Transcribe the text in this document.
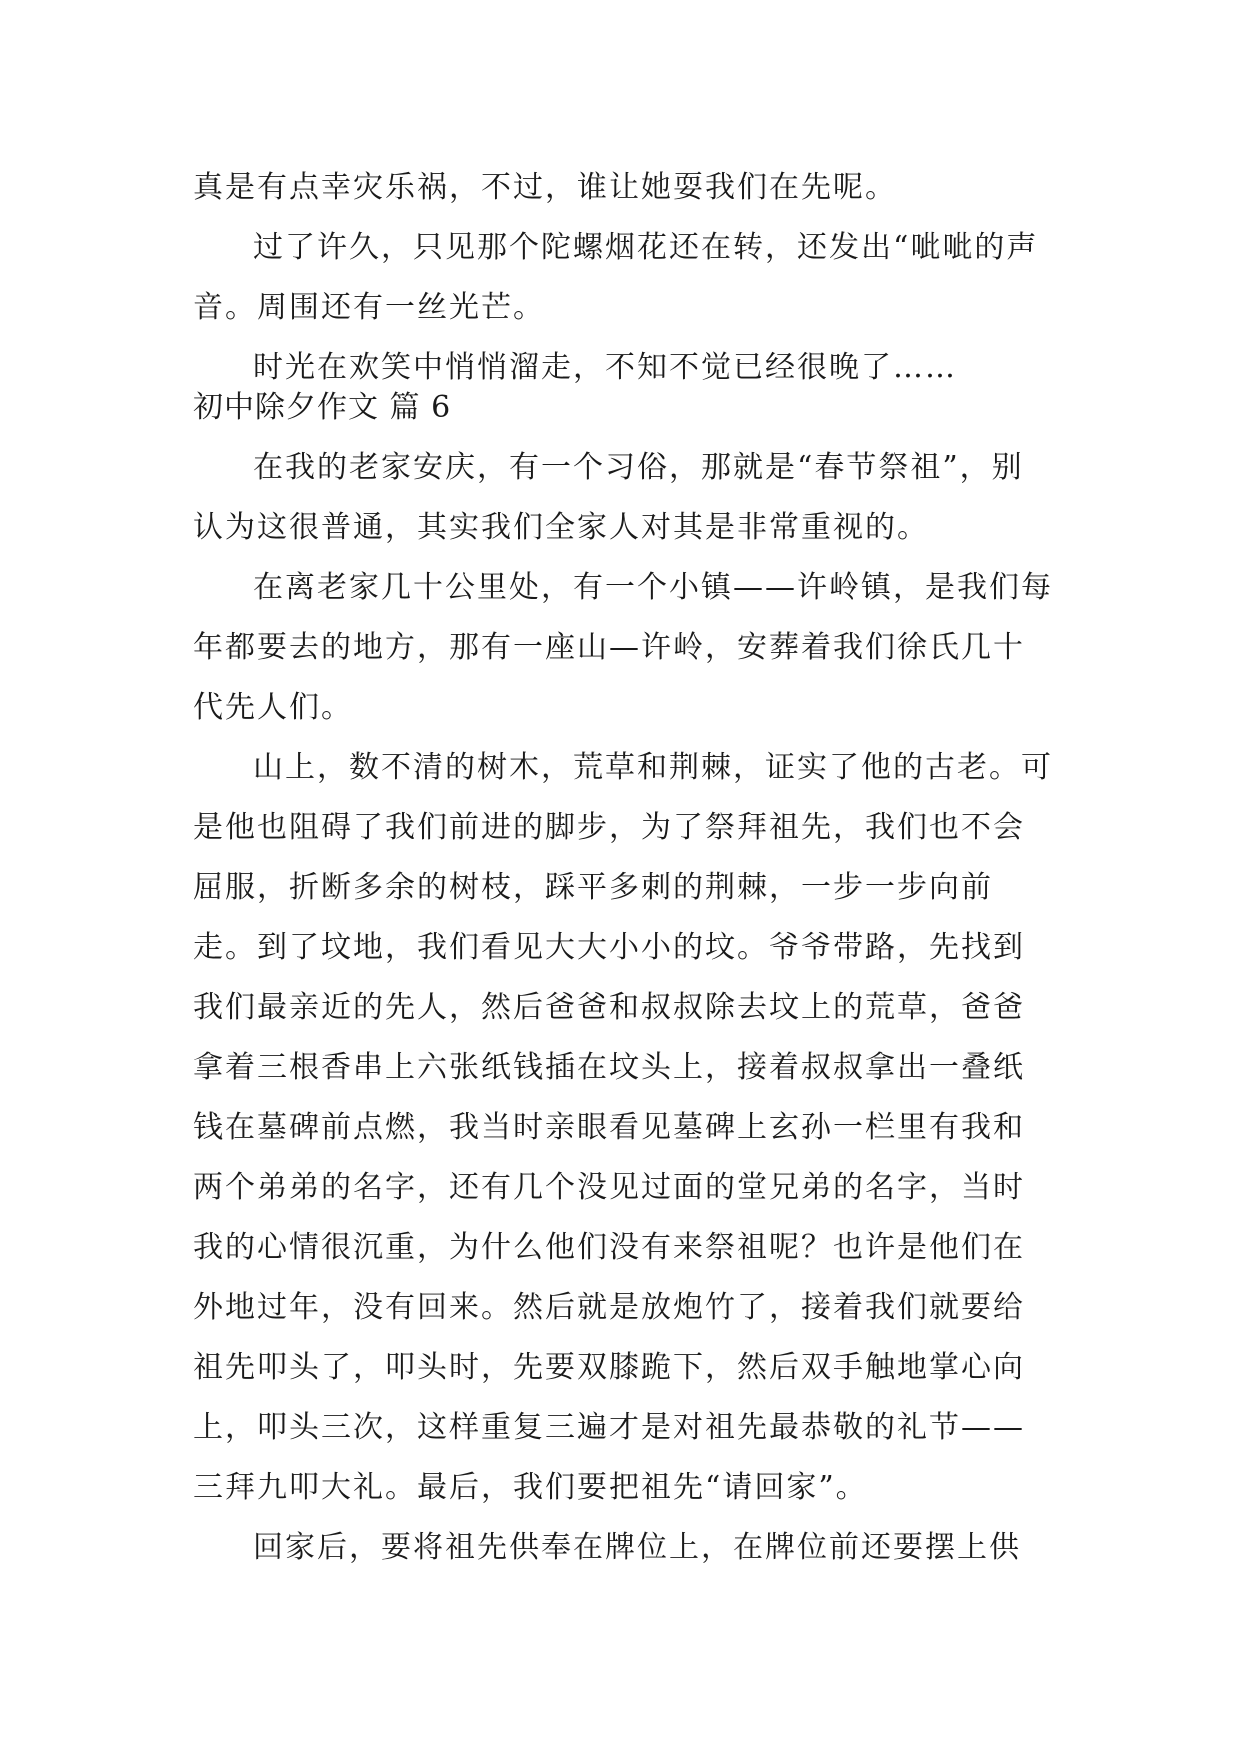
真是有点幸灾乐祸，不过，谁让她耍我们在先呢。

过了许久，只见那个陀螺烟花还在转，还发出“呲呲的声音。周围还有一丝光芒。

时光在欢笑中悄悄溜走，不知不觉已经很晚了……

初中除夕作文 篇 6

在我的老家安庆，有一个习俗，那就是“春节祭祖”，别认为这很普通，其实我们全家人对其是非常重视的。

在离老家几十公里处，有一个小镇——许岭镇，是我们每年都要去的地方，那有一座山—许岭，安葬着我们徐氏几十代先人们。

山上，数不清的树木，荒草和荆棘，证实了他的古老。可是他也阻碍了我们前进的脚步，为了祭拜祖先，我们也不会屈服，折断多余的树枝，踩平多刺的荆棘，一步一步向前走。到了坟地，我们看见大大小小的坟。爷爷带路，先找到我们最亲近的先人，然后爸爸和叔叔除去坟上的荒草，爸爸拿着三根香串上六张纸钱插在坟头上，接着叔叔拿出一叠纸钱在墓碑前点燃，我当时亲眼看见墓碑上玄孙一栏里有我和两个弟弟的名字，还有几个没见过面的堂兄弟的名字，当时我的心情很沉重，为什么他们没有来祭祖呢？也许是他们在外地过年，没有回来。然后就是放炮竹了，接着我们就要给祖先叩头了，叩头时，先要双膝跪下，然后双手触地掌心向上，叩头三次，这样重复三遍才是对祖先最恭敬的礼节——三拜九叩大礼。最后，我们要把祖先“请回家”。

回家后，要将祖先供奉在牌位上，在牌位前还要摆上供
